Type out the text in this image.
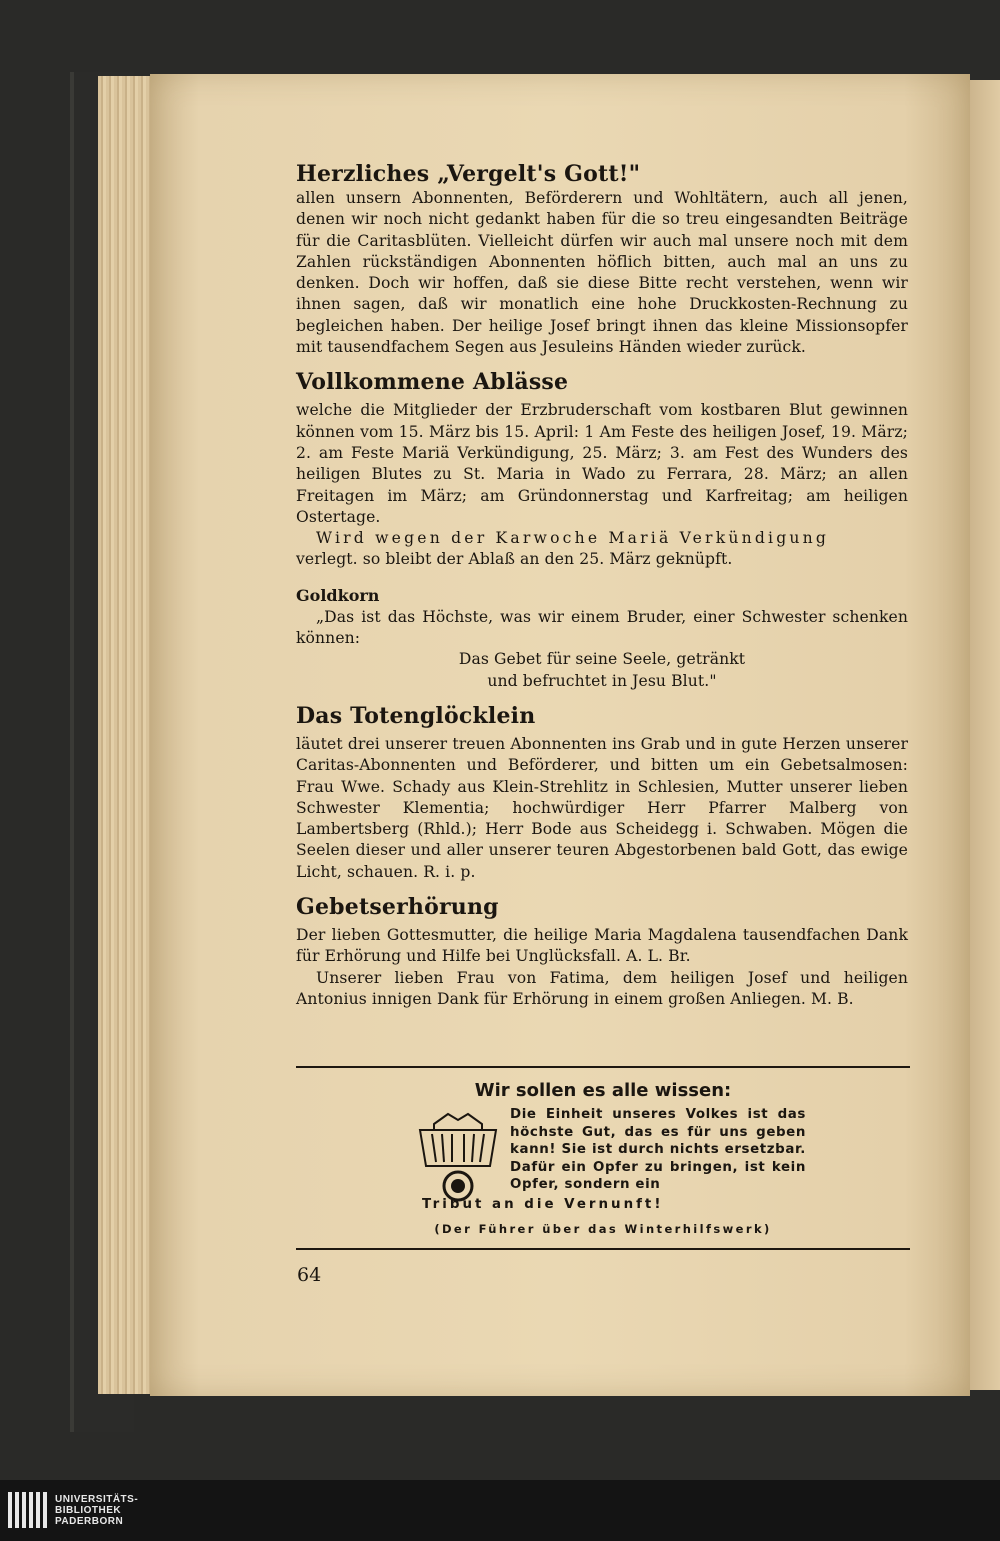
Herzliches „Vergelt's Gott!"

allen unsern Abonnenten, Beförderern und Wohltätern, auch all jenen, denen wir noch nicht gedankt haben für die so treu eingesandten Beiträge für die Caritasblüten. Vielleicht dürfen wir auch mal unsere noch mit dem Zahlen rückständigen Abonnenten höflich bitten, auch mal an uns zu denken. Doch wir hoffen, daß sie diese Bitte recht verstehen, wenn wir ihnen sagen, daß wir monatlich eine hohe Druckkosten-Rechnung zu begleichen haben. Der heilige Josef bringt ihnen das kleine Missionsopfer mit tausendfachem Segen aus Jesuleins Händen wieder zurück.

Vollkommene Ablässe

welche die Mitglieder der Erzbruderschaft vom kostbaren Blut gewinnen können vom 15. März bis 15. April: 1 Am Feste des heiligen Josef, 19. März; 2. am Feste Mariä Verkündigung, 25. März; 3. am Fest des Wunders des heiligen Blutes zu St. Maria in Wado zu Ferrara, 28. März; an allen Freitagen im März; am Gründonnerstag und Karfreitag; am heiligen Ostertage.

Wird wegen der Karwoche Mariä Verkündigung

verlegt. so bleibt der Ablaß an den 25. März geknüpft.

Goldkorn

„Das ist das Höchste, was wir einem Bruder, einer Schwester schenken können:

Das Gebet für seine Seele, getränkt

und befruchtet in Jesu Blut."

Das Totenglöcklein

läutet drei unserer treuen Abonnenten ins Grab und in gute Herzen unserer Caritas-Abonnenten und Beförderer, und bitten um ein Gebetsalmosen: Frau Wwe. Schady aus Klein-Strehlitz in Schlesien, Mutter unserer lieben Schwester Klementia; hochwürdiger Herr Pfarrer Malberg von Lambertsberg (Rhld.); Herr Bode aus Scheidegg i. Schwaben. Mögen die Seelen dieser und aller unserer teuren Abgestorbenen bald Gott, das ewige Licht, schauen. R. i. p.

Gebetserhörung

Der lieben Gottesmutter, die heilige Maria Magdalena tausendfachen Dank für Erhörung und Hilfe bei Unglücksfall. A. L. Br.

Unserer lieben Frau von Fatima, dem heiligen Josef und heiligen Antonius innigen Dank für Erhörung in einem großen Anliegen. M. B.

Wir sollen es alle wissen:

Die Einheit unseres Volkes ist das höchste Gut, das es für uns geben kann! Sie ist durch nichts ersetzbar. Dafür ein Opfer zu bringen, ist kein Opfer, sondern ein

Tribut an die Vernunft!

(Der Führer über das Winterhilfswerk)

64
UNIVERSITÄTS-
BIBLIOTHEK
PADERBORN
